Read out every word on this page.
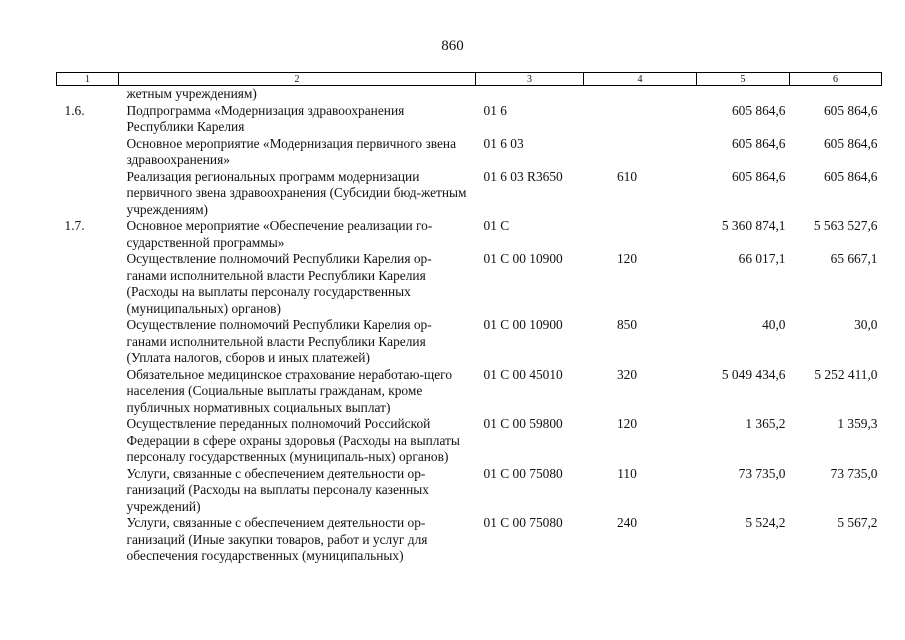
860
1	2	3	4	5	6
	жетным учреждениям)				
1.6.	Подпрограмма «Модернизация здравоохранения Республики Карелия	01 6		605 864,6	605 864,6
	Основное мероприятие «Модернизация первичного звена здравоохранения»	01 6 03		605 864,6	605 864,6
	Реализация региональных программ модернизации первичного звена здравоохранения (Субсидии бюд-жетным учреждениям)	01 6 03 R3650	610	605 864,6	605 864,6
1.7.	Основное мероприятие «Обеспечение реализации го-сударственной программы»	01 С		5 360 874,1	5 563 527,6
	Осуществление полномочий Республики Карелия ор-ганами исполнительной власти Республики Карелия (Расходы на выплаты персоналу государственных (муниципальных) органов)	01 С 00 10900	120	66 017,1	65 667,1
	Осуществление полномочий Республики Карелия ор-ганами исполнительной власти Республики Карелия (Уплата налогов, сборов и иных платежей)	01 С 00 10900	850	40,0	30,0
	Обязательное медицинское страхование неработаю-щего населения (Социальные выплаты гражданам, кроме публичных нормативных социальных выплат)	01 С 00 45010	320	5 049 434,6	5 252 411,0
	Осуществление переданных полномочий Российской Федерации в сфере охраны здоровья (Расходы на выплаты персоналу государственных (муниципаль-ных) органов)	01 С 00 59800	120	1 365,2	1 359,3
	Услуги, связанные с обеспечением деятельности ор-ганизаций (Расходы на выплаты персоналу казенных учреждений)	01 С 00 75080	110	73 735,0	73 735,0
	Услуги, связанные с обеспечением деятельности ор-ганизаций (Иные закупки товаров, работ и услуг для обеспечения государственных (муниципальных)	01 С 00 75080	240	5 524,2	5 567,2
